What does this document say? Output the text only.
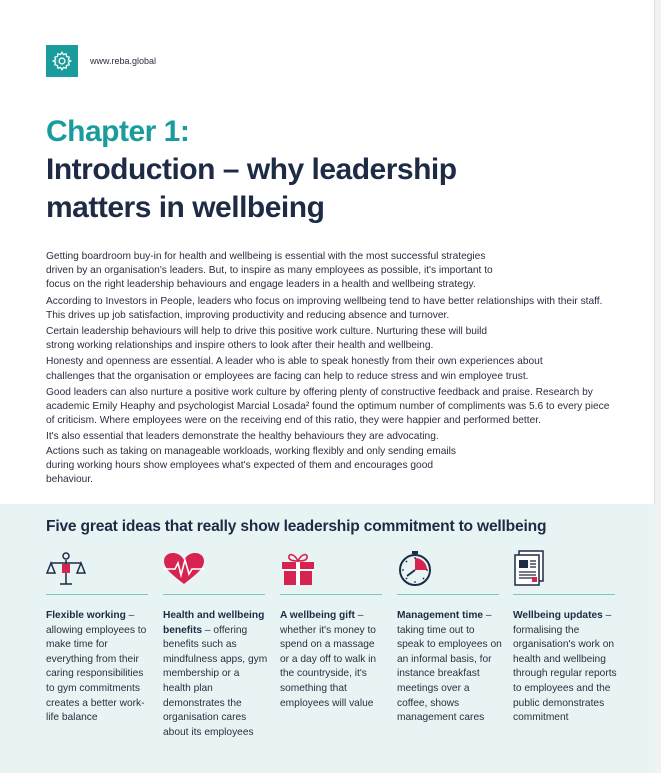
www.reba.global
Chapter 1:
Introduction – why leadership
matters in wellbeing

Getting boardroom buy-in for health and wellbeing is essential with the most successful strategies driven by an organisation's leaders. But, to inspire as many employees as possible, it's important to focus on the right leadership behaviours and engage leaders in a health and wellbeing strategy.

According to Investors in People, leaders who focus on improving wellbeing tend to have better relationships with their staff. This drives up job satisfaction, improving productivity and reducing absence and turnover.

Certain leadership behaviours will help to drive this positive work culture. Nurturing these will build strong working relationships and inspire others to look after their health and wellbeing.

Honesty and openness are essential. A leader who is able to speak honestly from their own experiences about challenges that the organisation or employees are facing can help to reduce stress and win employee trust.

Good leaders can also nurture a positive work culture by offering plenty of constructive feedback and praise. Research by academic Emily Heaphy and psychologist Marcial Losada² found the optimum number of compliments was 5.6 to every piece of criticism. Where employees were on the receiving end of this ratio, they were happier and performed better.

It's also essential that leaders demonstrate the healthy behaviours they are advocating. Actions such as taking on manageable workloads, working flexibly and only sending emails during working hours show employees what's expected of them and encourages good behaviour.

Five great ideas that really show leadership commitment to wellbeing
Flexible working – allowing employees to make time for everything from their caring responsibilities to gym commitments creates a better work-life balance
Health and wellbeing benefits – offering benefits such as mindfulness apps, gym membership or a health plan demonstrates the organisation cares about its employees
A wellbeing gift – whether it's money to spend on a massage or a day off to walk in the countryside, it's something that employees will value
Management time – taking time out to speak to employees on an informal basis, for instance breakfast meetings over a coffee, shows management cares
Wellbeing updates – formalising the organisation's work on health and wellbeing through regular reports to employees and the public demonstrates commitment
